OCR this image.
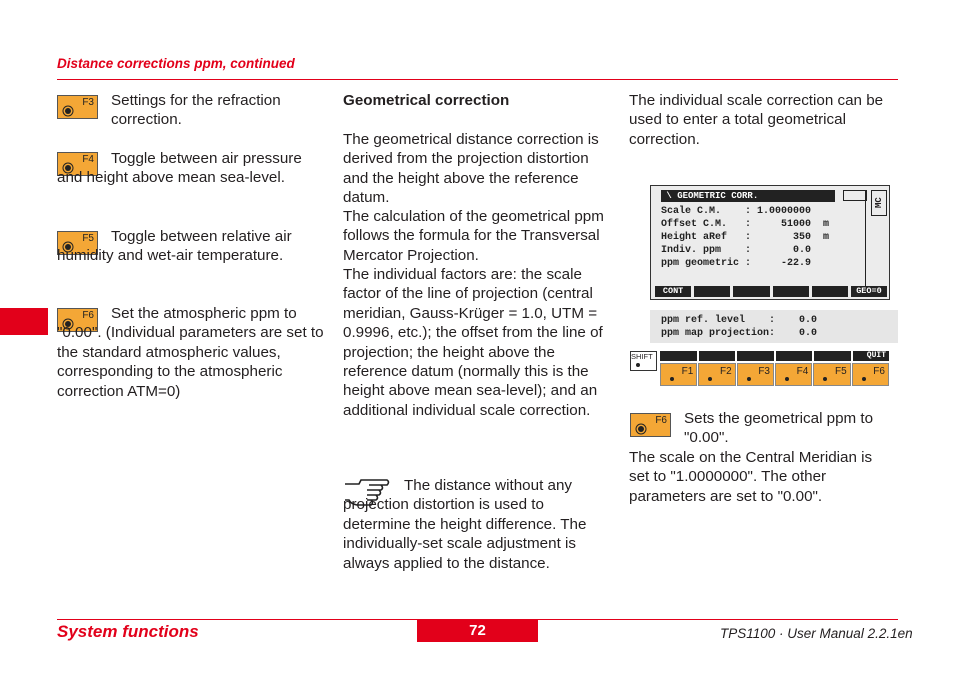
Distance corrections ppm, continued
F3 Settings for the refraction correction.
F4	Toggle between air pressure and height above mean sea-level.
F5	Toggle between relative air humidity and wet-air temperature.
F6	Set the atmospheric ppm to "0.00". (Individual parameters are set to the standard atmospheric values, corresponding to the atmospheric correction ATM=0)
Geometrical correction
The geometrical distance correction is derived from the projection distortion and the height above the reference datum.
The calculation of the geometrical ppm follows the formula for the Transversal Mercator Projection.
The individual factors are: the scale factor of the line of projection (central meridian, Gauss-Krüger = 1.0, UTM = 0.9996, etc.); the offset from the line of projection; the height above the reference datum (normally this is the height above mean sea-level); and an additional individual scale correction.
The distance without any projection distortion is used to determine the height difference. The individually-set scale adjustment is always applied to the distance.
The individual scale correction can be used to enter a total geometrical correction.
\ GEOMETRIC CORR.
MC
Scale C.M.    : 1.0000000
Offset C.M.   :     51000  m
Height aRef   :       350  m
Indiv. ppm    :       0.0
ppm geometric :     -22.9
CONT	GEO=0

ppm ref. level    :    0.0
ppm map projection:    0.0

SHIFT	QUIT
F1	F2	F3	F4	F5	F6
F6 Sets the geometrical ppm to "0.00".
The scale on the Central Meridian is set to "1.0000000". The other parameters are set to "0.00".
System functions	72	TPS1100 · User Manual 2.2.1en
